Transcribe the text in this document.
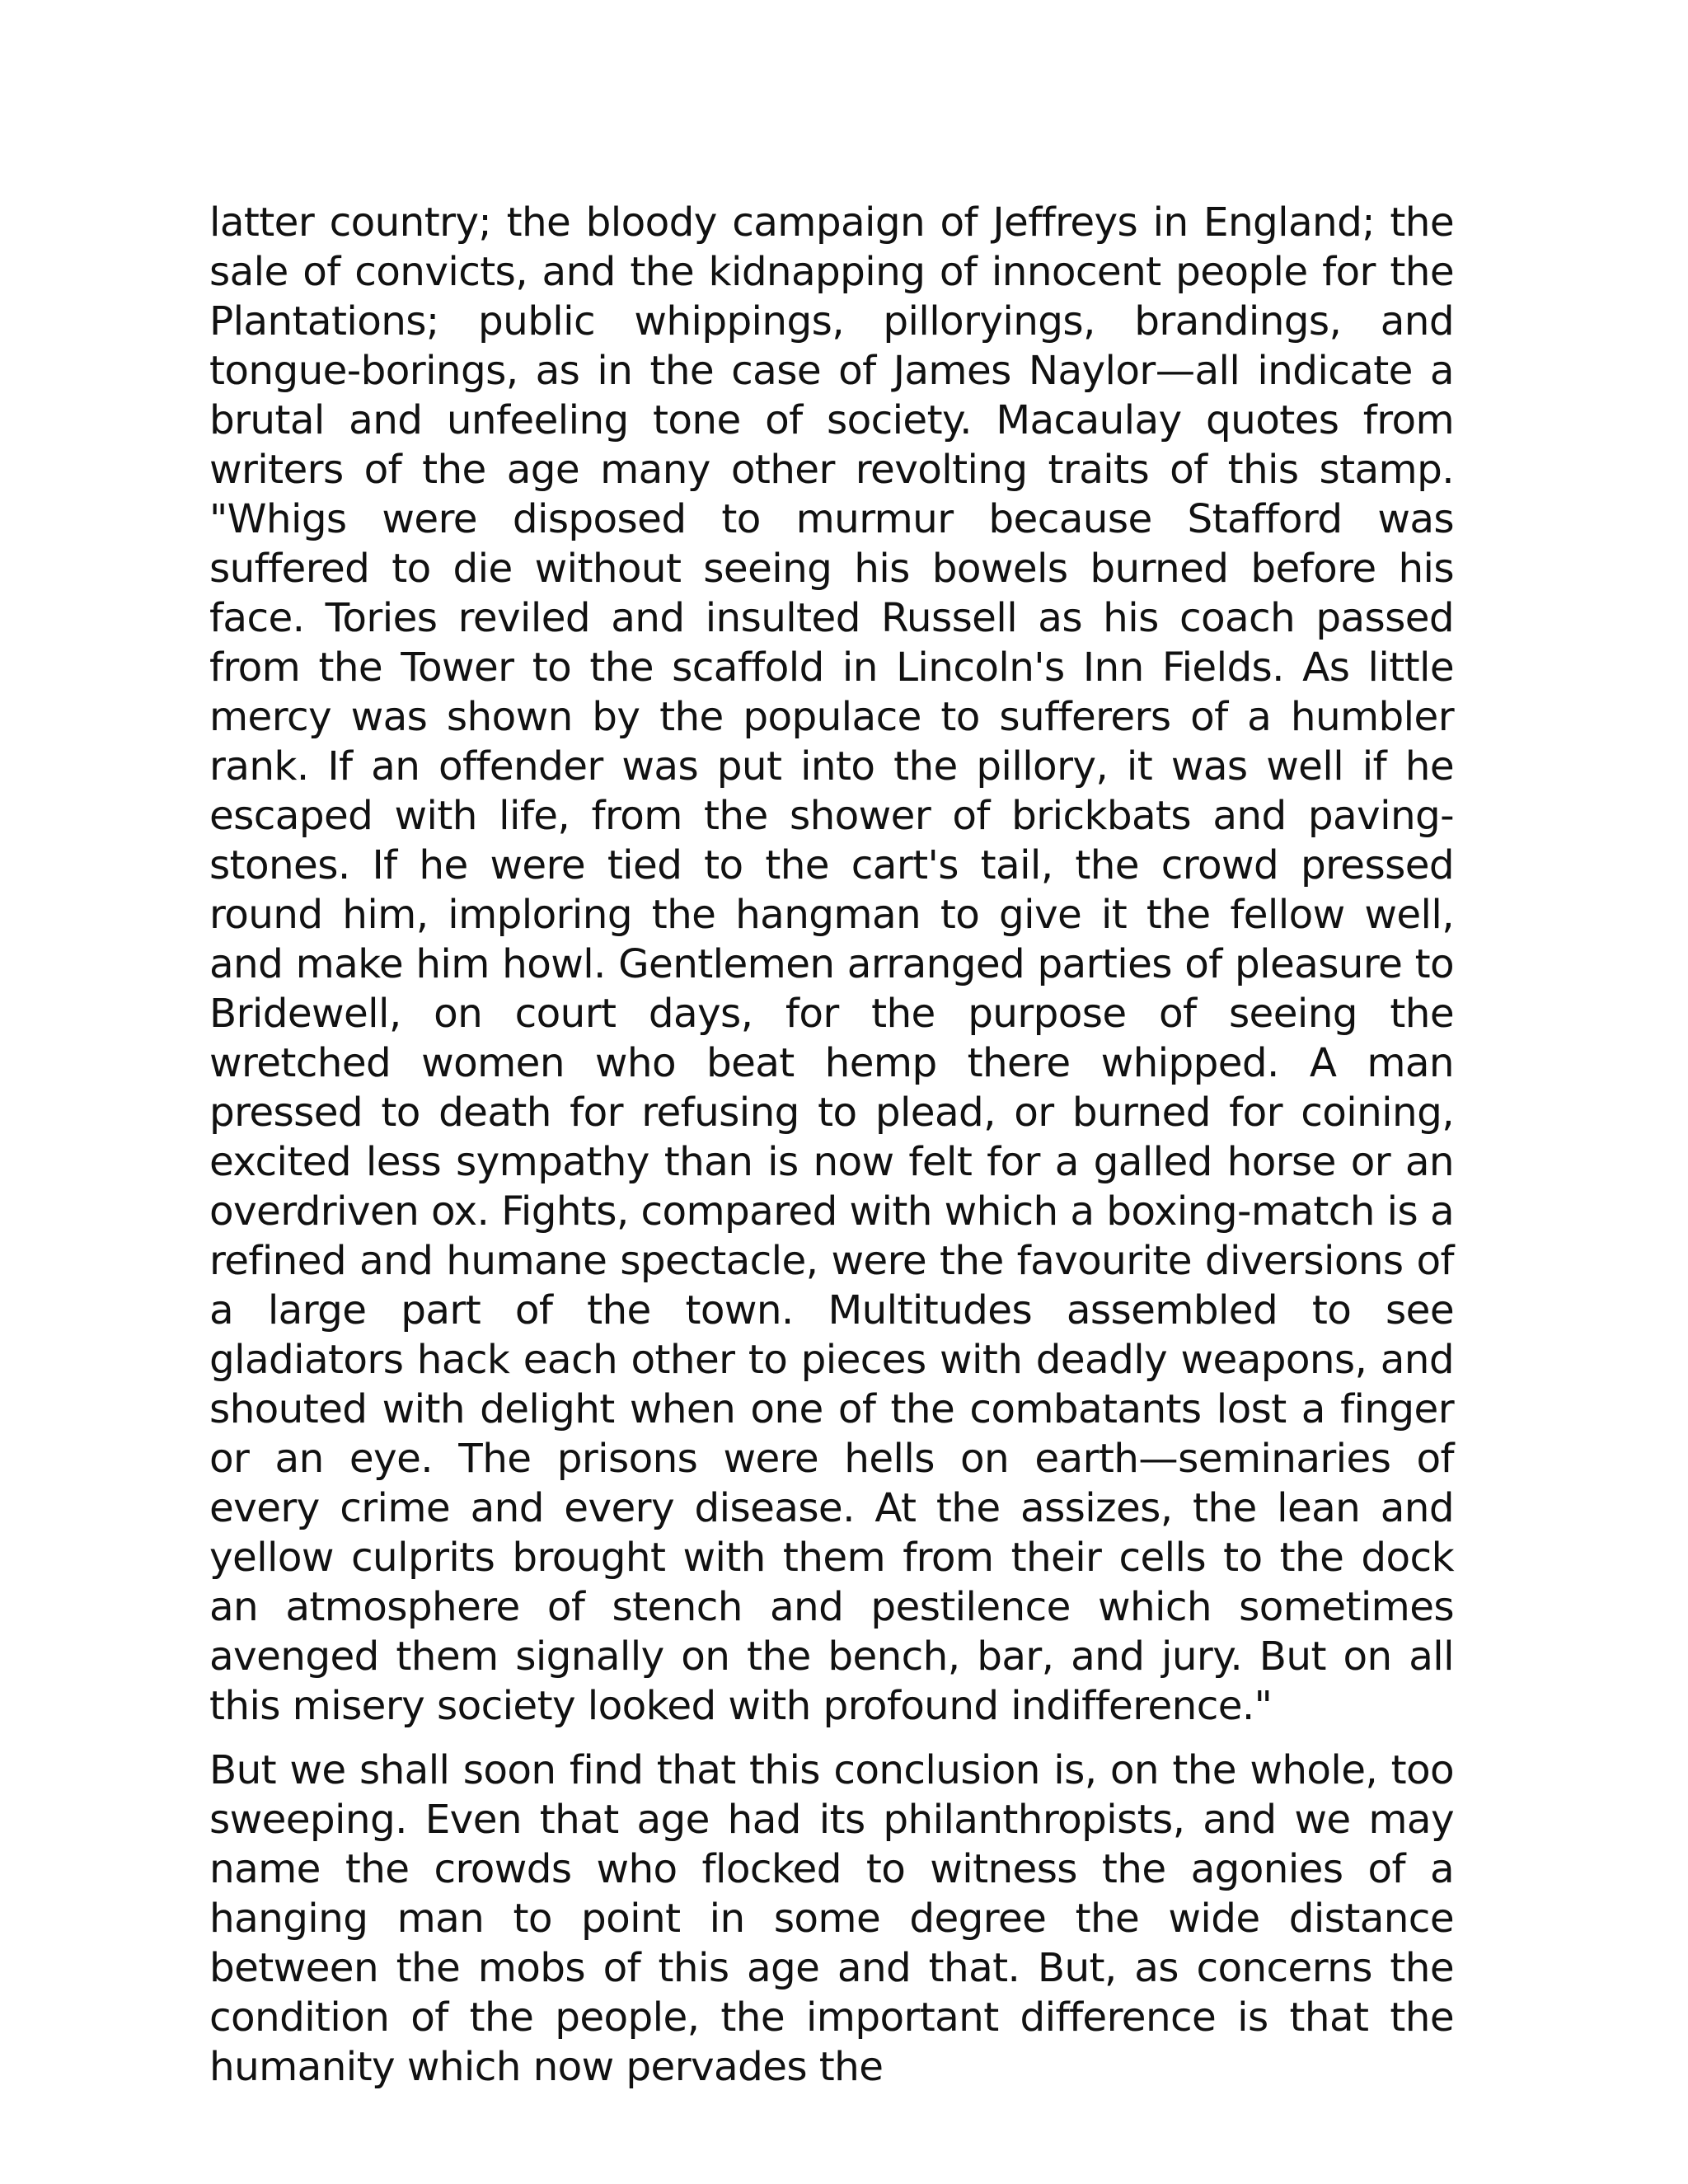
latter country; the bloody campaign of Jeffreys in England; the sale of convicts, and the kidnapping of innocent people for the Plantations; public whippings, pilloryings, brandings, and tongue-borings, as in the case of James Naylor—all indicate a brutal and unfeeling tone of society. Macaulay quotes from writers of the age many other revolting traits of this stamp. "Whigs were disposed to murmur because Stafford was suffered to die without seeing his bowels burned before his face. Tories reviled and insulted Russell as his coach passed from the Tower to the scaffold in Lincoln's Inn Fields. As little mercy was shown by the populace to sufferers of a humbler rank. If an offender was put into the pillory, it was well if he escaped with life, from the shower of brickbats and paving-stones. If he were tied to the cart's tail, the crowd pressed round him, imploring the hangman to give it the fellow well, and make him howl. Gentlemen arranged parties of pleasure to Bridewell, on court days, for the purpose of seeing the wretched women who beat hemp there whipped. A man pressed to death for refusing to plead, or burned for coining, excited less sympathy than is now felt for a galled horse or an overdriven ox. Fights, compared with which a boxing-match is a refined and humane spectacle, were the favourite diversions of a large part of the town. Multitudes assembled to see gladiators hack each other to pieces with deadly weapons, and shouted with delight when one of the combatants lost a finger or an eye. The prisons were hells on earth—seminaries of every crime and every disease. At the assizes, the lean and yellow culprits brought with them from their cells to the dock an atmosphere of stench and pestilence which sometimes avenged them signally on the bench, bar, and jury. But on all this misery society looked with profound indifference."

But we shall soon find that this conclusion is, on the whole, too sweeping. Even that age had its philanthropists, and we may name the crowds who flocked to witness the agonies of a hanging man to point in some degree the wide distance between the mobs of this age and that. But, as concerns the condition of the people, the important difference is that the humanity which now pervades the
